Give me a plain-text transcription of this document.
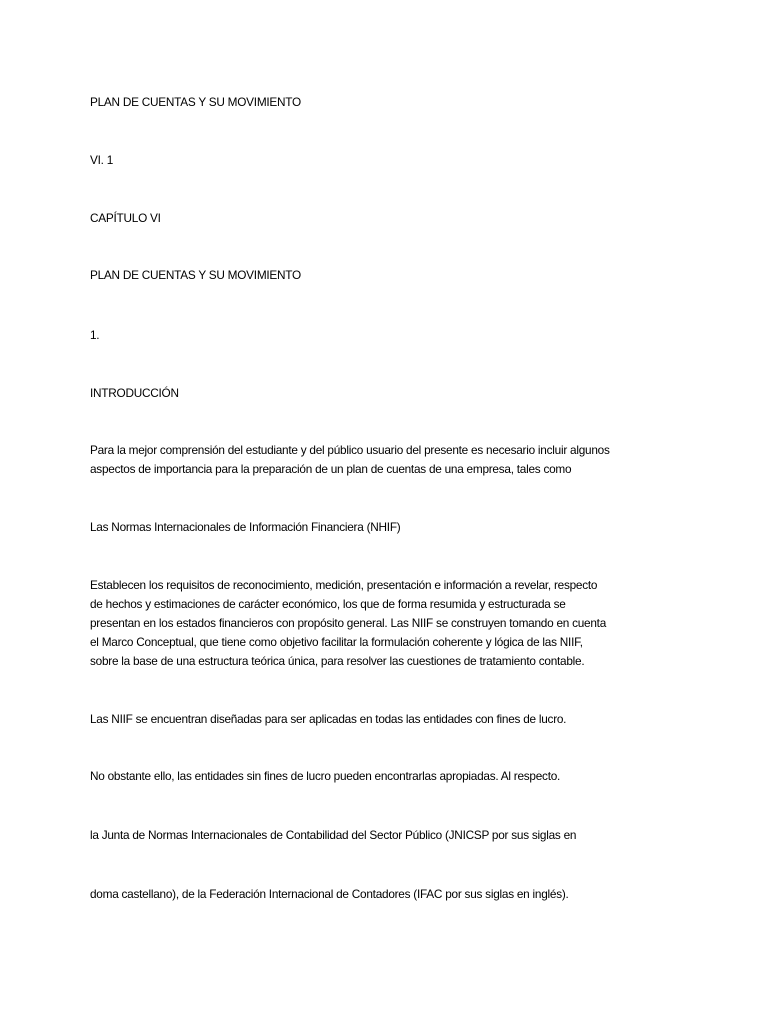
PLAN DE CUENTAS Y SU MOVIMIENTO

VI. 1

CAPÍTULO VI

PLAN DE CUENTAS Y SU MOVIMIENTO

1.

INTRODUCCIÓN

Para la mejor comprensión del estudiante y del público usuario del presente es necesario incluir algunos
aspectos de importancia para la preparación de un plan de cuentas de una empresa, tales como

Las Normas Internacionales de Información Financiera (NHIF)

Establecen los requisitos de reconocimiento, medición, presentación e información a revelar, respecto
de hechos y estimaciones de carácter económico, los que de forma resumida y estructurada se
presentan en los estados financieros con propósito general. Las NIIF se construyen tomando en cuenta
el Marco Conceptual, que tiene como objetivo facilitar la formulación coherente y lógica de las NIIF,
sobre la base de una estructura teórica única, para resolver las cuestiones de tratamiento contable.

Las NIIF se encuentran diseñadas para ser aplicadas en todas las entidades con fines de lucro.

No obstante ello, las entidades sin fines de lucro pueden encontrarlas apropiadas. Al respecto.

la Junta de Normas Internacionales de Contabilidad del Sector Público (JNICSP por sus siglas en

doma castellano), de la Federación Internacional de Contadores (IFAC por sus siglas en inglés).
